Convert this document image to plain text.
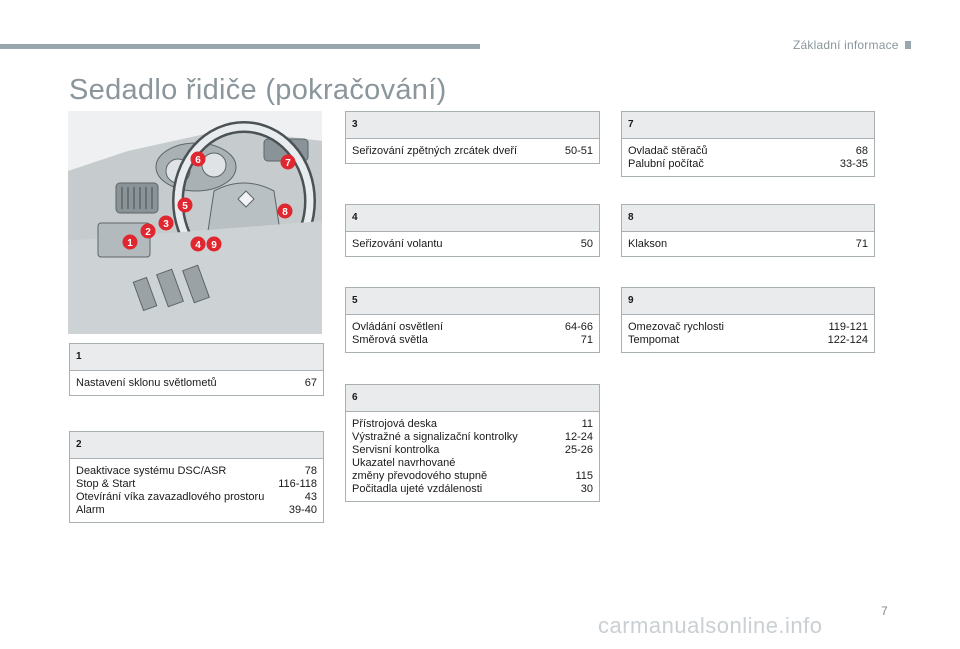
Základní informace
Sedadlo řidiče (pokračování)
1
2
3
4
5
6	7
8
9
1
Nastavení sklonu světlometů	67
2
Deaktivace systému DSC/ASR	78
Stop & Start	116-118
Otevírání víka zavazadlového prostoru	43
Alarm	39-40
3
Seřizování zpětných zrcátek dveří	50-51
4
Seřizování volantu	50
5
Ovládání osvětlení	64-66
Směrová světla	71
6
Přístrojová deska	11
Výstražné a signalizační kontrolky	12-24
Servisní kontrolka	25-26
Ukazatel navrhované
změny převodového stupně	115
Počitadla ujeté vzdálenosti	30
7
Ovladač stěračů	68
Palubní počítač	33-35
8
Klakson	71
9
Omezovač rychlosti	119-121
Tempomat	122-124
7
carmanualsonline.info
